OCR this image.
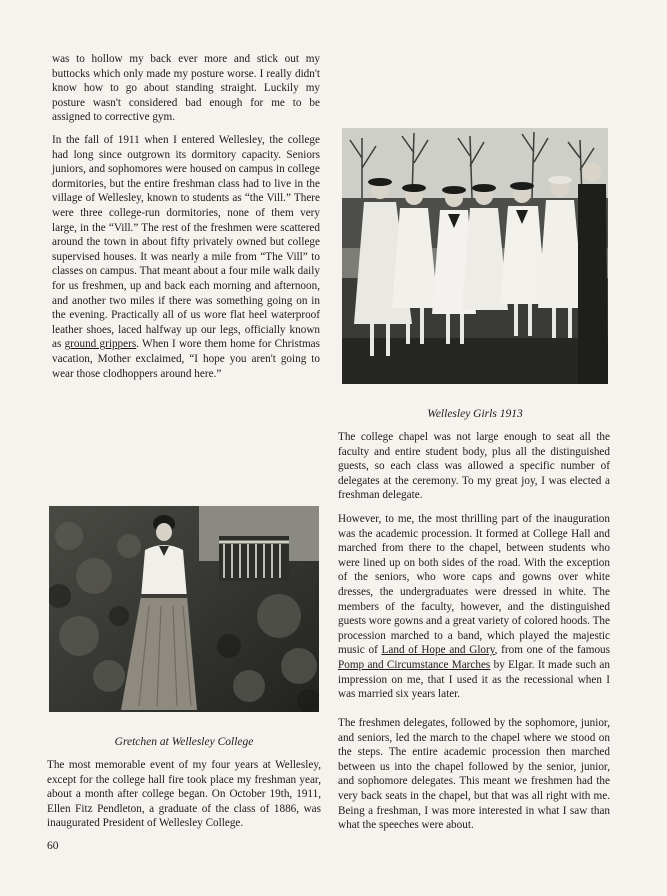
was to hollow my back ever more and stick out my buttocks which only made my posture worse. I really didn't know how to go about standing straight. Luckily my posture wasn't considered bad enough for me to be assigned to corrective gym.

In the fall of 1911 when I entered Wellesley, the college had long since outgrown its dormitory capacity. Seniors juniors, and sophomores were housed on campus in college dormitories, but the entire freshman class had to live in the village of Wellesley, known to students as “the Vill.” There were three college-run dormitories, none of them very large, in the “Vill.” The rest of the freshmen were scattered around the town in about fifty privately owned but college supervised houses. It was nearly a mile from “The Vill” to classes on campus. That meant about a four mile walk daily for us freshmen, up and back each morning and afternoon, and another two miles if there was something going on in the evening. Practically all of us wore flat heel waterproof leather shoes, laced halfway up our legs, officially known as ground grippers. When I wore them home for Christmas vacation, Mother exclaimed, “I hope you aren't going to wear those clodhoppers around here.”

Gretchen at Wellesley College

The most memorable event of my four years at Wellesley, except for the college hall fire took place my freshman year, about a month after college began. On October 19th, 1911, Ellen Fitz Pendleton, a graduate of the class of 1886, was inaugurated President of Wellesley College.

60

Wellesley Girls 1913

The college chapel was not large enough to seat all the faculty and entire student body, plus all the distinguished guests, so each class was allowed a specific number of delegates at the ceremony. To my great joy, I was elected a freshman delegate.

However, to me, the most thrilling part of the inauguration was the academic procession. It formed at College Hall and marched from there to the chapel, between students who were lined up on both sides of the road. With the exception of the seniors, who wore caps and gowns over white dresses, the undergraduates were dressed in white. The members of the faculty, however, and the distinguished guests wore gowns and a great variety of colored hoods. The procession marched to a band, which played the majestic music of Land of Hope and Glory, from one of the famous Pomp and Circumstance Marches by Elgar. It made such an impression on me, that I used it as the recessional when I was married six years later.

The freshmen delegates, followed by the sophomore, junior, and seniors, led the march to the chapel where we stood on the steps. The entire academic procession then marched between us into the chapel followed by the senior, junior, and sophomore delegates. This meant we freshmen had the very back seats in the chapel, but that was all right with me. Being a freshman, I was more interested in what I saw than what the speeches were about.
